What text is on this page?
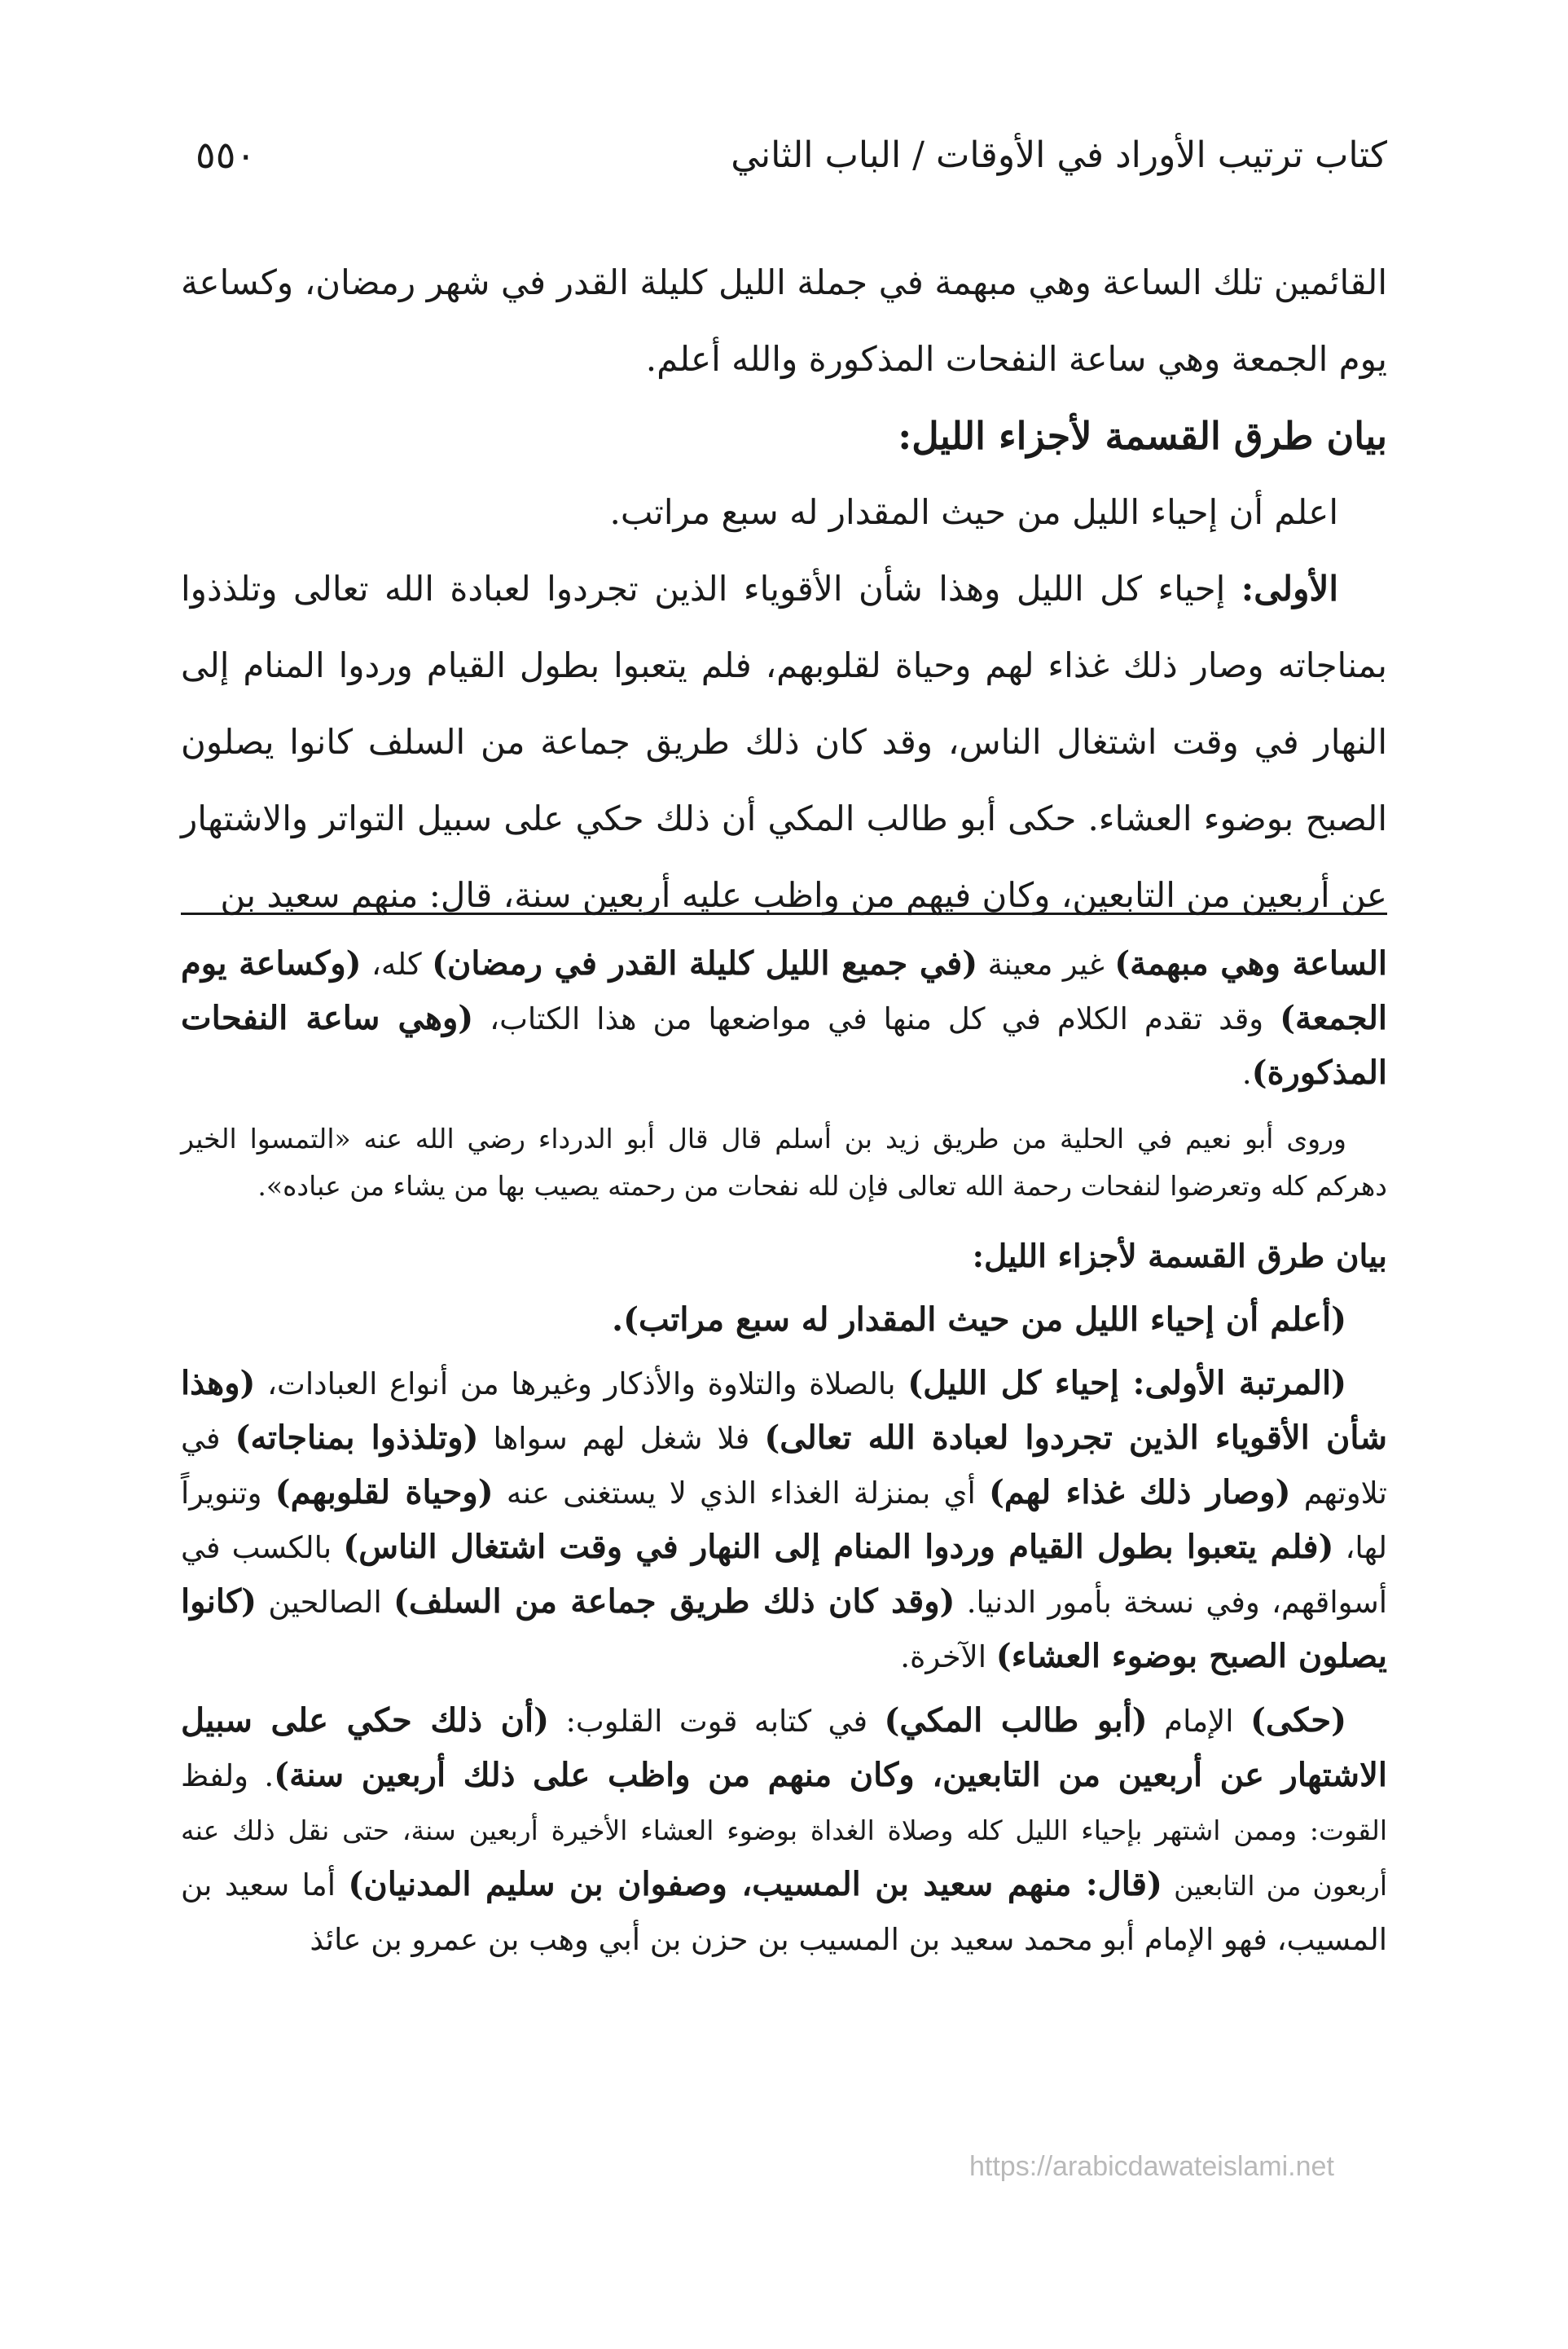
كتاب ترتيب الأوراد في الأوقات / الباب الثاني
٥٥٠

القائمين تلك الساعة وهي مبهمة في جملة الليل كليلة القدر في شهر رمضان، وكساعة يوم الجمعة وهي ساعة النفحات المذكورة والله أعلم.

بيان طرق القسمة لأجزاء الليل:

اعلم أن إحياء الليل من حيث المقدار له سبع مراتب.

الأولى: إحياء كل الليل وهذا شأن الأقوياء الذين تجردوا لعبادة الله تعالى وتلذذوا بمناجاته وصار ذلك غذاء لهم وحياة لقلوبهم، فلم يتعبوا بطول القيام وردوا المنام إلى النهار في وقت اشتغال الناس، وقد كان ذلك طريق جماعة من السلف كانوا يصلون الصبح بوضوء العشاء. حكى أبو طالب المكي أن ذلك حكي على سبيل التواتر والاشتهار عن أربعين من التابعين، وكان فيهم من واظب عليه أربعين سنة، قال: منهم سعيد بن

الساعة وهي مبهمة) غير معينة (في جميع الليل كليلة القدر في رمضان) كله، (وكساعة يوم الجمعة) وقد تقدم الكلام في كل منها في مواضعها من هذا الكتاب، (وهي ساعة النفحات المذكورة).

وروى أبو نعيم في الحلية من طريق زيد بن أسلم قال قال أبو الدرداء رضي الله عنه «التمسوا الخير دهركم كله وتعرضوا لنفحات رحمة الله تعالى فإن لله نفحات من رحمته يصيب بها من يشاء من عباده».

بيان طرق القسمة لأجزاء الليل:

(أعلم أن إحياء الليل من حيث المقدار له سبع مراتب).

(المرتبة الأولى: إحياء كل الليل) بالصلاة والتلاوة والأذكار وغيرها من أنواع العبادات، (وهذا شأن الأقوياء الذين تجردوا لعبادة الله تعالى) فلا شغل لهم سواها (وتلذذوا بمناجاته) في تلاوتهم (وصار ذلك غذاء لهم) أي بمنزلة الغذاء الذي لا يستغنى عنه (وحياة لقلوبهم) وتنويراً لها، (فلم يتعبوا بطول القيام وردوا المنام إلى النهار في وقت اشتغال الناس) بالكسب في أسواقهم، وفي نسخة بأمور الدنيا. (وقد كان ذلك طريق جماعة من السلف) الصالحين (كانوا يصلون الصبح بوضوء العشاء) الآخرة.

(حكى) الإمام (أبو طالب المكي) في كتابه قوت القلوب: (أن ذلك حكي على سبيل الاشتهار عن أربعين من التابعين، وكان منهم من واظب على ذلك أربعين سنة). ولفظ القوت: وممن اشتهر بإحياء الليل كله وصلاة الغداة بوضوء العشاء الأخيرة أربعين سنة، حتى نقل ذلك عنه أربعون من التابعين (قال: منهم سعيد بن المسيب، وصفوان بن سليم المدنيان) أما سعيد بن المسيب، فهو الإمام أبو محمد سعيد بن المسيب بن حزن بن أبي وهب بن عمرو بن عائذ

https://arabicdawateislami.net
